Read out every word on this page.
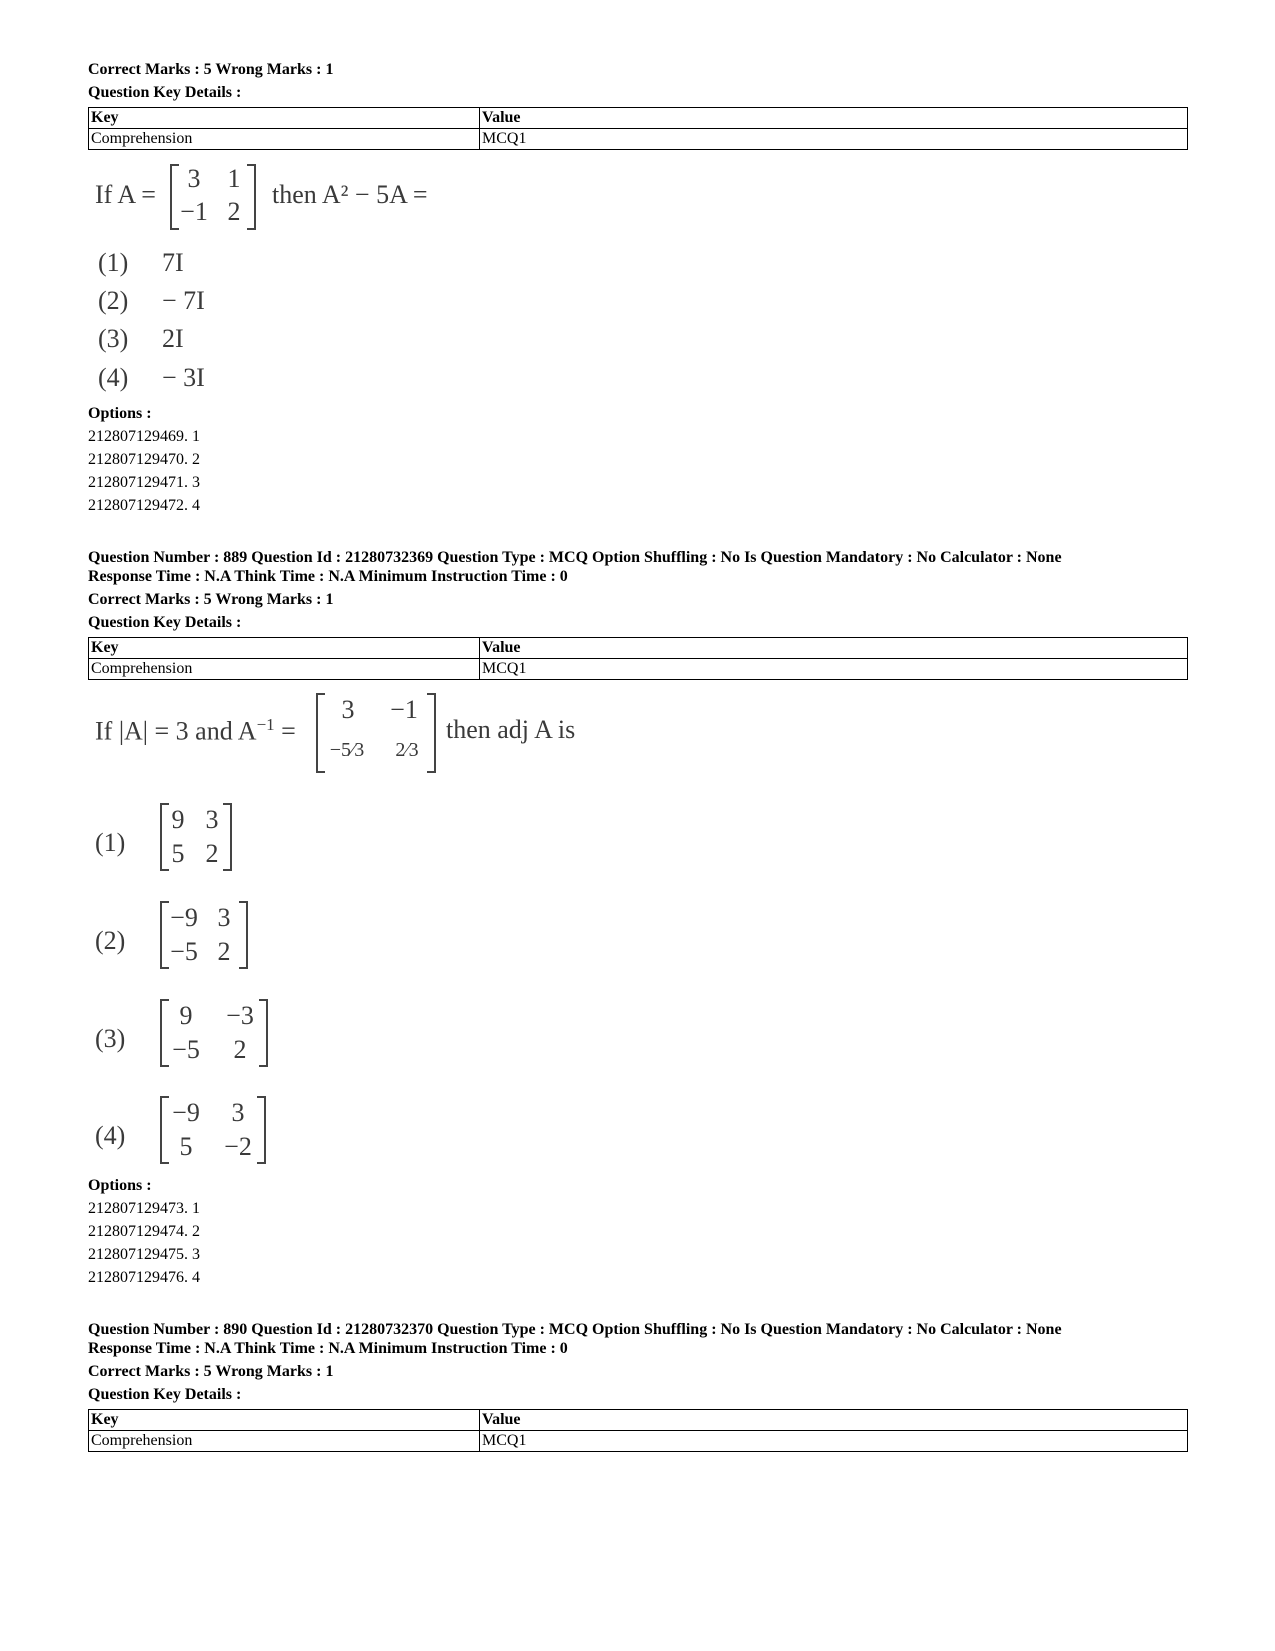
Correct Marks : 5 Wrong Marks : 1
Question Key Details :
Key	Value
Comprehension	MCQ1
If A =
3	1
−1 2
then A² − 5A =
(1) 7I
(2) − 7I
(3) 2I
(4) − 3I
Options :
212807129469. 1
212807129470. 2
212807129471. 3
212807129472. 4
Question Number : 889 Question Id : 21280732369 Question Type : MCQ Option Shuffling : No Is Question Mandatory : No Calculator : None
Response Time : N.A Think Time : N.A Minimum Instruction Time : 0
Correct Marks : 5 Wrong Marks : 1
Question Key Details :
Key	Value
Comprehension	MCQ1
If |A| = 3 and $A^{-1}$ =
3	−1
−5⁄3	2⁄3
then adj A is
(1)
9 3
5 2
(2)
−9 3
−5 2
(3)
9	−3
−5	2
(4)
−9	3
5	−2
Options :
212807129473. 1
212807129474. 2
212807129475. 3
212807129476. 4
Question Number : 890 Question Id : 21280732370 Question Type : MCQ Option Shuffling : No Is Question Mandatory : No Calculator : None
Response Time : N.A Think Time : N.A Minimum Instruction Time : 0
Correct Marks : 5 Wrong Marks : 1
Question Key Details :
Key	Value
Comprehension	MCQ1
